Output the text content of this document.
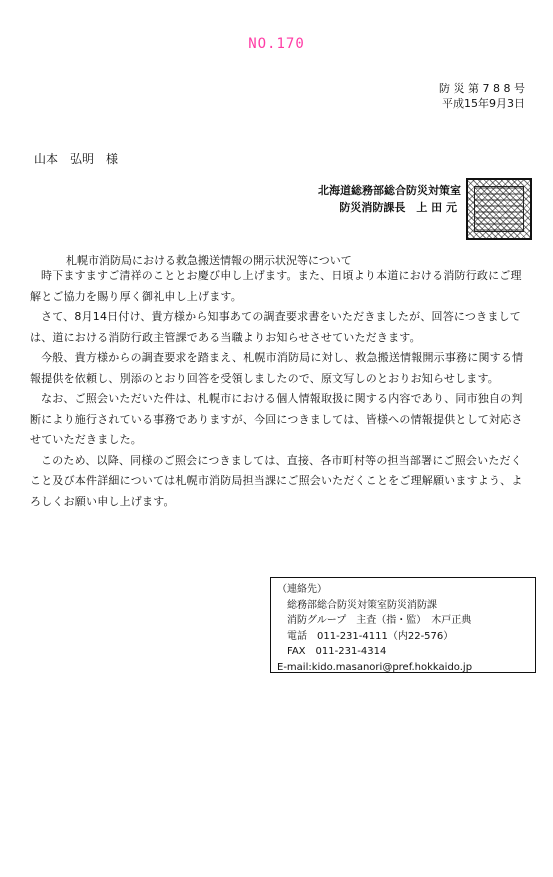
NO.170
防 災 第 7 8 8 号
平成15年9月3日
山本　弘明　様
北海道総務部総合防災対策室
防災消防課長　上 田 元
札幌市消防局における救急搬送情報の開示状況等について

時下ますますご清祥のこととお慶び申し上げます。また、日頃より本道における消防行政にご理解とご協力を賜り厚く御礼申し上げます。

さて、8月14日付け、貴方様から知事あての調査要求書をいただきましたが、回答につきましては、道における消防行政主管課である当職よりお知らせさせていただきます。

今般、貴方様からの調査要求を踏まえ、札幌市消防局に対し、救急搬送情報開示事務に関する情報提供を依頼し、別添のとおり回答を受領しましたので、原文写しのとおりお知らせします。

なお、ご照会いただいた件は、札幌市における個人情報取扱に関する内容であり、同市独自の判断により施行されている事務でありますが、今回につきましては、皆様への情報提供として対応させていただきました。

このため、以降、同様のご照会につきましては、直接、各市町村等の担当部署にご照会いただくこと及び本件詳細については札幌市消防局担当課にご照会いただくことをご理解願いますよう、よろしくお願い申し上げます。

（連絡先）
総務部総合防災対策室防災消防課
消防グループ　主査（指・監）　木戸正典
電話　011-231-4111（内22-576）
FAX　011-231-4314
E-mail:kido.masanori@pref.hokkaido.jp
